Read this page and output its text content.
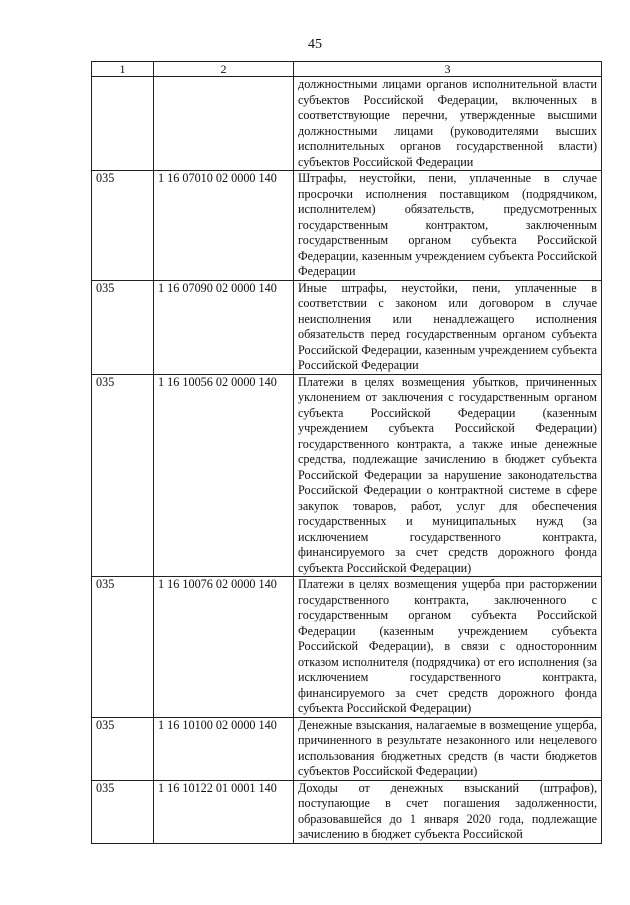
45
1	2	3
		должностными лицами органов исполнительной власти субъектов Российской Федерации, включенных в соответствующие перечни, утвержденные высшими должностными лицами (руководителями высших исполнительных органов государственной власти) субъектов Российской Федерации
035	1 16 07010 02 0000 140	Штрафы, неустойки, пени, уплаченные в случае просрочки исполнения поставщиком (подрядчиком, исполнителем) обязательств, предусмотренных государственным контрактом, заключенным государственным органом субъекта Российской Федерации, казенным учреждением субъекта Российской Федерации
035	1 16 07090 02 0000 140	Иные штрафы, неустойки, пени, уплаченные в соответствии с законом или договором в случае неисполнения или ненадлежащего исполнения обязательств перед государственным органом субъекта Российской Федерации, казенным учреждением субъекта Российской Федерации
035	1 16 10056 02 0000 140	Платежи в целях возмещения убытков, причиненных уклонением от заключения с государственным органом субъекта Российской Федерации (казенным учреждением субъекта Российской Федерации) государственного контракта, а также иные денежные средства, подлежащие зачислению в бюджет субъекта Российской Федерации за нарушение законодательства Российской Федерации о контрактной системе в сфере закупок товаров, работ, услуг для обеспечения государственных и муниципальных нужд (за исключением государственного контракта, финансируемого за счет средств дорожного фонда субъекта Российской Федерации)
035	1 16 10076 02 0000 140	Платежи в целях возмещения ущерба при расторжении государственного контракта, заключенного с государственным органом субъекта Российской Федерации (казенным учреждением субъекта Российской Федерации), в связи с односторонним отказом исполнителя (подрядчика) от его исполнения (за исключением государственного контракта, финансируемого за счет средств дорожного фонда субъекта Российской Федерации)
035	1 16 10100 02 0000 140	Денежные взыскания, налагаемые в возмещение ущерба, причиненного в результате незаконного или нецелевого использования бюджетных средств (в части бюджетов субъектов Российской Федерации)
035	1 16 10122 01 0001 140	Доходы от денежных взысканий (штрафов), поступающие в счет погашения задолженности, образовавшейся до 1 января 2020 года, подлежащие зачислению в бюджет субъекта Российской
